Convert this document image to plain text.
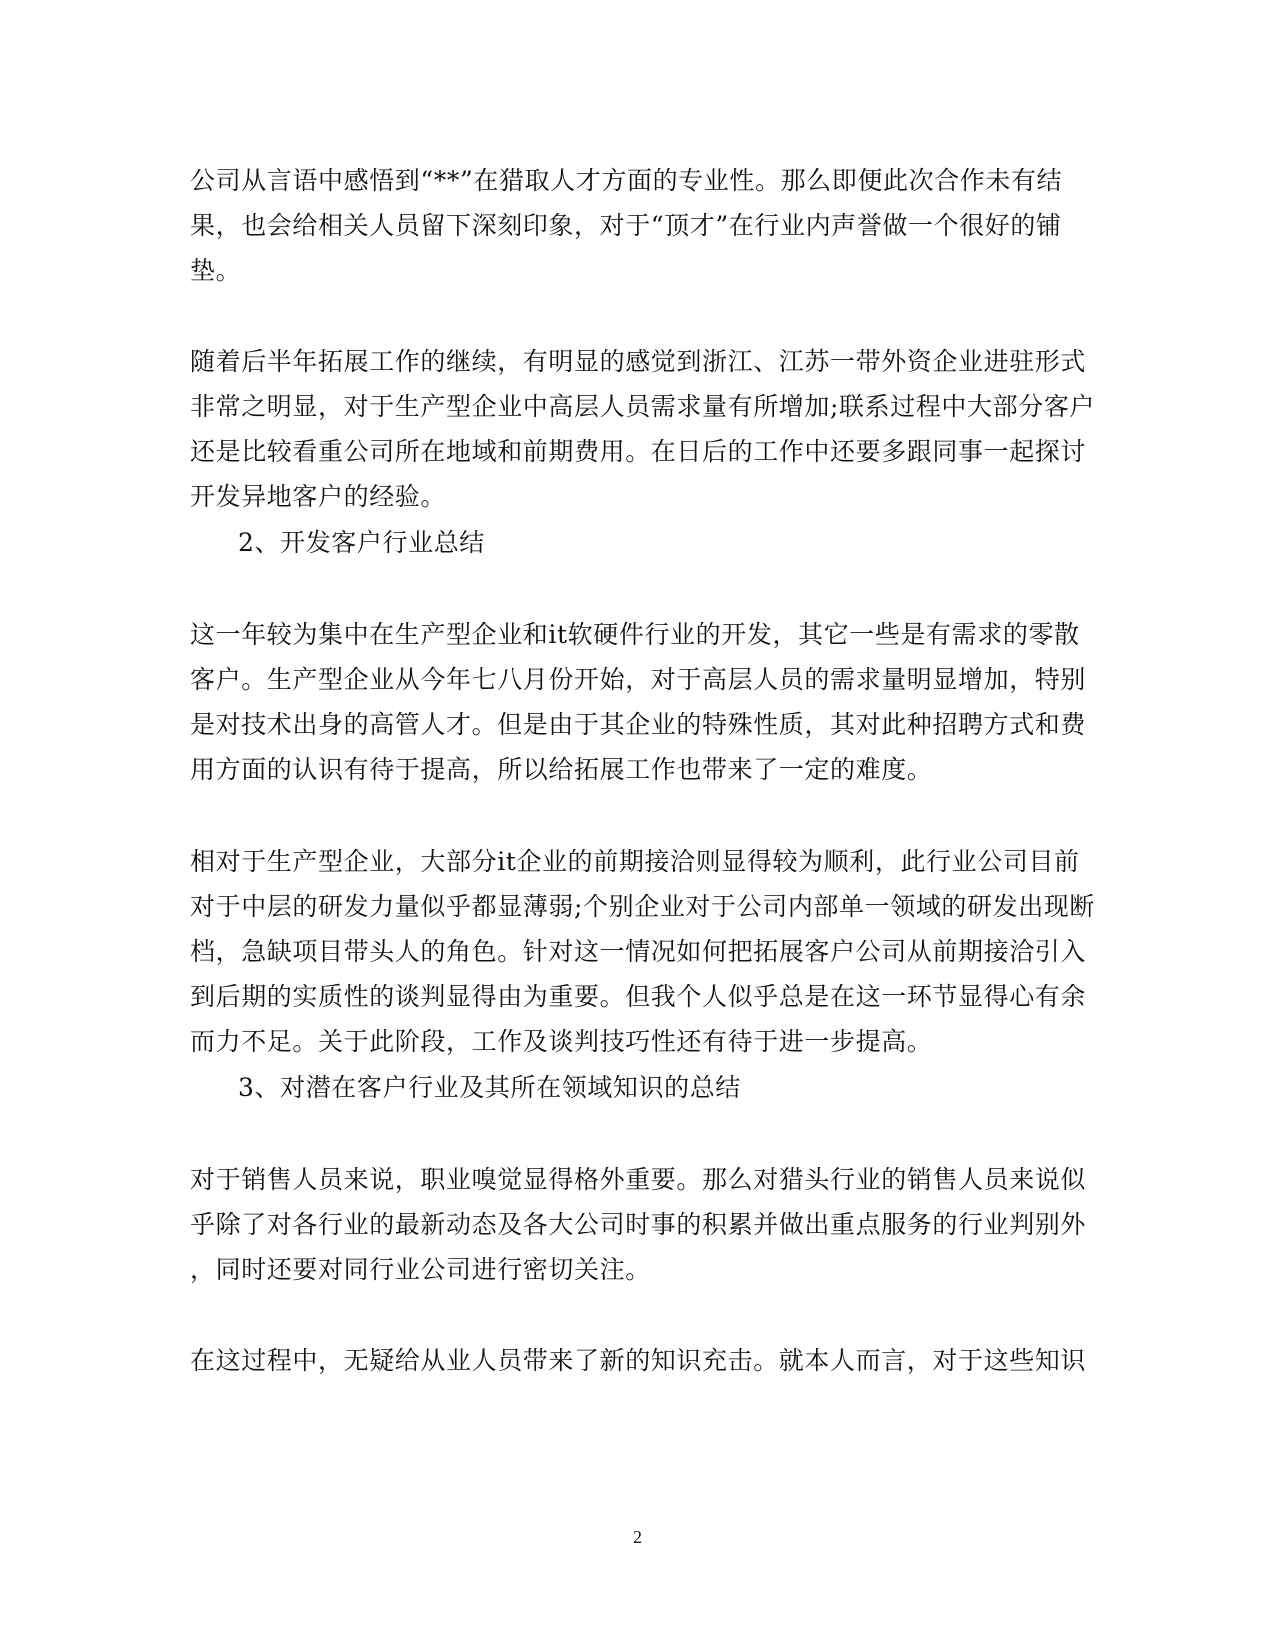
公司从言语中感悟到“**”在猎取人才方面的专业性。那么即便此次合作未有结
果，也会给相关人员留下深刻印象，对于“顶才”在行业内声誉做一个很好的铺
垫。
随着后半年拓展工作的继续，有明显的感觉到浙江、江苏一带外资企业进驻形式
非常之明显，对于生产型企业中高层人员需求量有所增加;联系过程中大部分客户
还是比较看重公司所在地域和前期费用。在日后的工作中还要多跟同事一起探讨
开发异地客户的经验。
2、开发客户行业总结
这一年较为集中在生产型企业和it软硬件行业的开发，其它一些是有需求的零散
客户。生产型企业从今年七八月份开始，对于高层人员的需求量明显增加，特别
是对技术出身的高管人才。但是由于其企业的特殊性质，其对此种招聘方式和费
用方面的认识有待于提高，所以给拓展工作也带来了一定的难度。
相对于生产型企业，大部分it企业的前期接洽则显得较为顺利，此行业公司目前
对于中层的研发力量似乎都显薄弱;个别企业对于公司内部单一领域的研发出现断
档，急缺项目带头人的角色。针对这一情况如何把拓展客户公司从前期接洽引入
到后期的实质性的谈判显得由为重要。但我个人似乎总是在这一环节显得心有余
而力不足。关于此阶段，工作及谈判技巧性还有待于进一步提高。
3、对潜在客户行业及其所在领域知识的总结
对于销售人员来说，职业嗅觉显得格外重要。那么对猎头行业的销售人员来说似
乎除了对各行业的最新动态及各大公司时事的积累并做出重点服务的行业判别外
，同时还要对同行业公司进行密切关注。
在这过程中，无疑给从业人员带来了新的知识充击。就本人而言，对于这些知识
2
